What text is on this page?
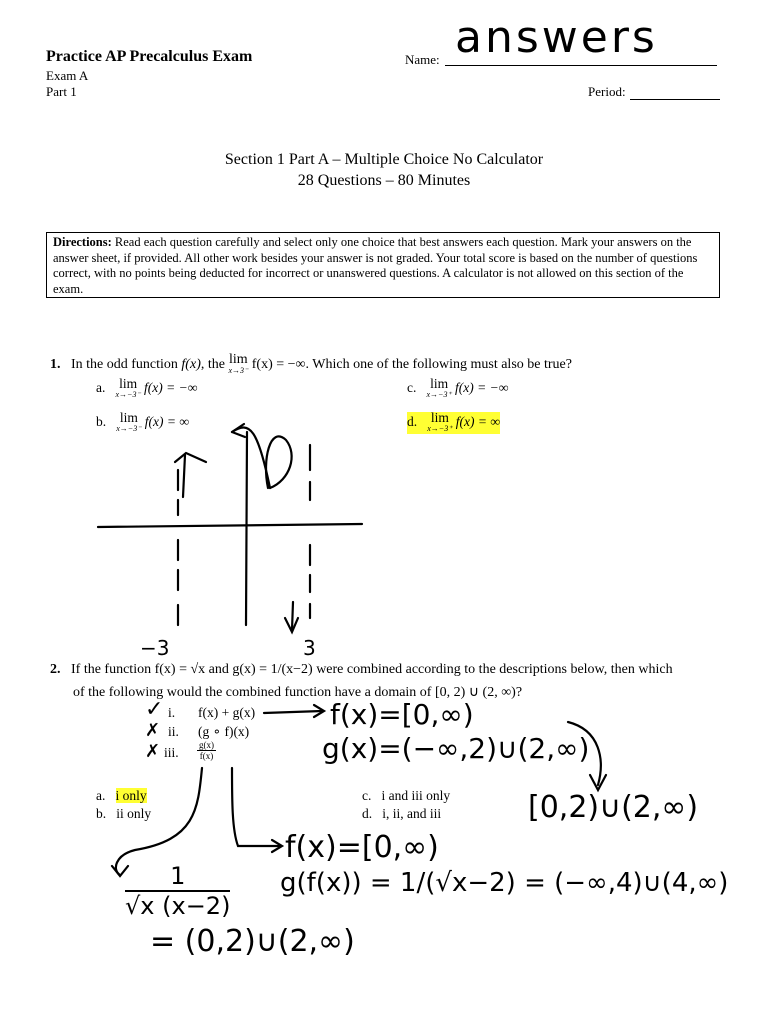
Practice AP Precalculus Exam
Exam A
Part 1
Name: answers
Period:
Section 1 Part A – Multiple Choice No Calculator
28 Questions – 80 Minutes
Directions: Read each question carefully and select only one choice that best answers each question. Mark your answers on the answer sheet, if provided. All other work besides your answer is not graded. Your total score is based on the number of questions correct, with no points being deducted for incorrect or unanswered questions. A calculator is not allowed on this section of the exam.
1. In the odd function f(x), the lim
x→3⁻ f(x) = −∞. Which one of the following must also be true?
a. lim
x→−3⁻ f(x) = −∞
b. lim
x→−3⁻ f(x) = ∞
c. lim
x→−3⁺ f(x) = −∞
d. lim
x→−3⁺ f(x) = ∞
−3	3
2. If the function f(x) = √x and g(x) = 1/(x−2) were combined according to the descriptions below, then which
of the following would the combined function have a domain of [0, 2) ∪ (2, ∞)?
i. f(x) + g(x)
ii. (g ∘ f)(x)
iii. g(x)
f(x)
✓
✗
✗
a. i only
b. ii only
c. i and iii only
d. i, ii, and iii
f(x)=[0,∞)
g(x)=(−∞,2)∪(2,∞)
[0,2)∪(2,∞)
f(x)=[0,∞)
g(f(x)) = 1/(√x−2) = (−∞,4)∪(4,∞)
1
√x (x−2)
= (0,2)∪(2,∞)
